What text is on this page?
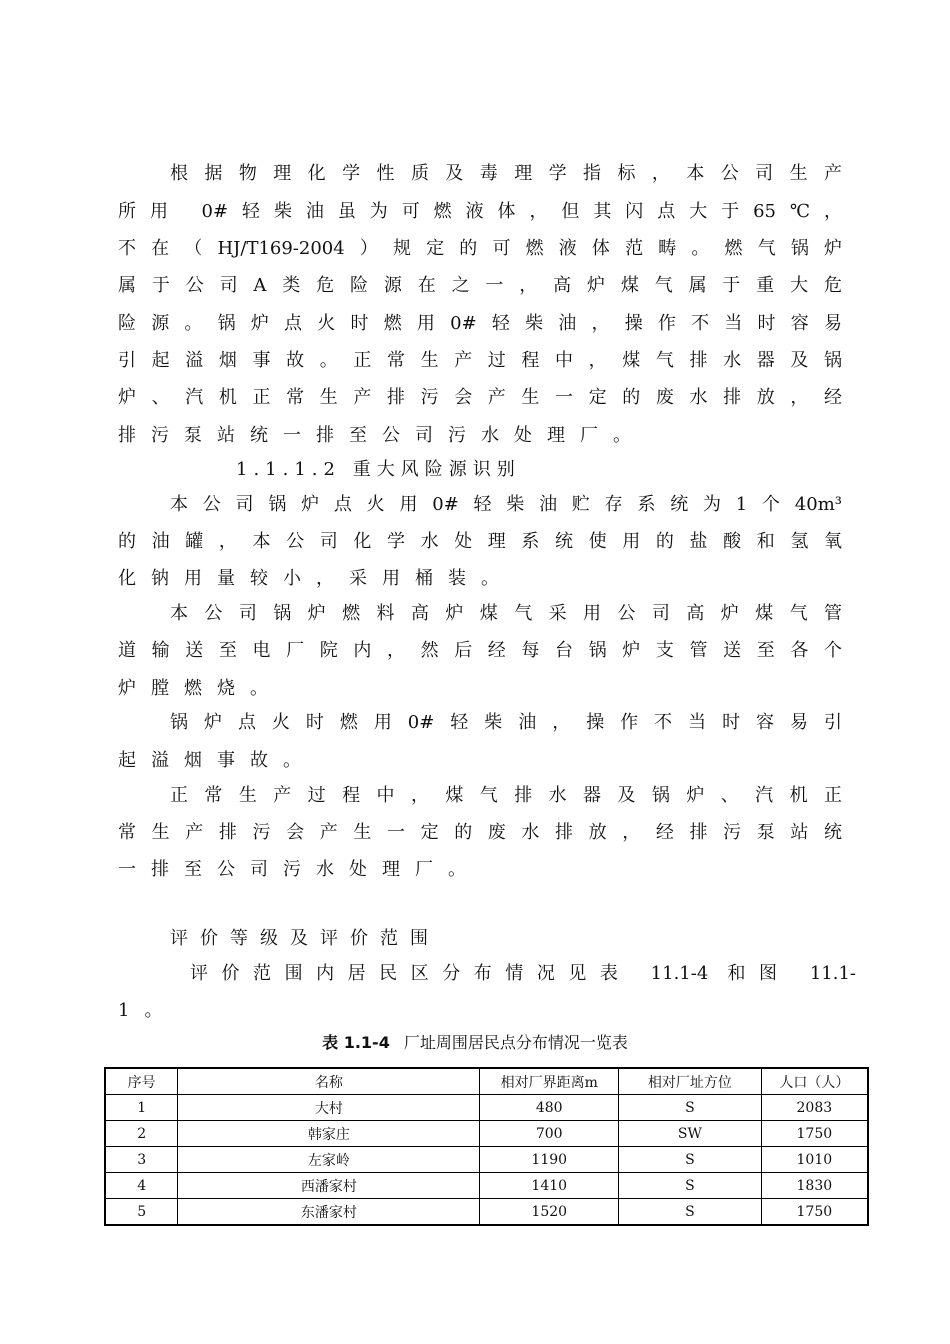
根据物理化学性质及毒理学指标，本公司生产
所用 0#轻柴油虽为可燃液体，但其闪点大于65℃，
不在（HJ/T169-2004）规定的可燃液体范畴。燃气锅炉
属于公司A类危险源在之一，高炉煤气属于重大危
险源。锅炉点火时燃用0#轻柴油，操作不当时容易
引起溢烟事故。正常生产过程中，煤气排水器及锅
炉、汽机正常生产排污会产生一定的废水排放，经
排污泵站统一排至公司污水处理厂。
1.1.1.2 重大风险源识别
本公司锅炉点火用0#轻柴油贮存系统为1个40m³
的油罐，本公司化学水处理系统使用的盐酸和氢氧
化钠用量较小，采用桶装。
本公司锅炉燃料高炉煤气采用公司高炉煤气管
道输送至电厂院内，然后经每台锅炉支管送至各个
炉膛燃烧。
锅炉点火时燃用0#轻柴油，操作不当时容易引
起溢烟事故。
正常生产过程中，煤气排水器及锅炉、汽机正
常生产排污会产生一定的废水排放，经排污泵站统
一排至公司污水处理厂。
评价等级及评价范围
评价范围内居民区分布情况见表 11.1-4 和图 11.1-
1。
表 1.1-4 厂址周围居民点分布情况一览表
序号	名称	相对厂界距离m	相对厂址方位	人口（人）
1	大村	480	S	2083
2	韩家庄	700	SW	1750
3	左家岭	1190	S	1010
4	西潘家村	1410	S	1830
5	东潘家村	1520	S	1750
